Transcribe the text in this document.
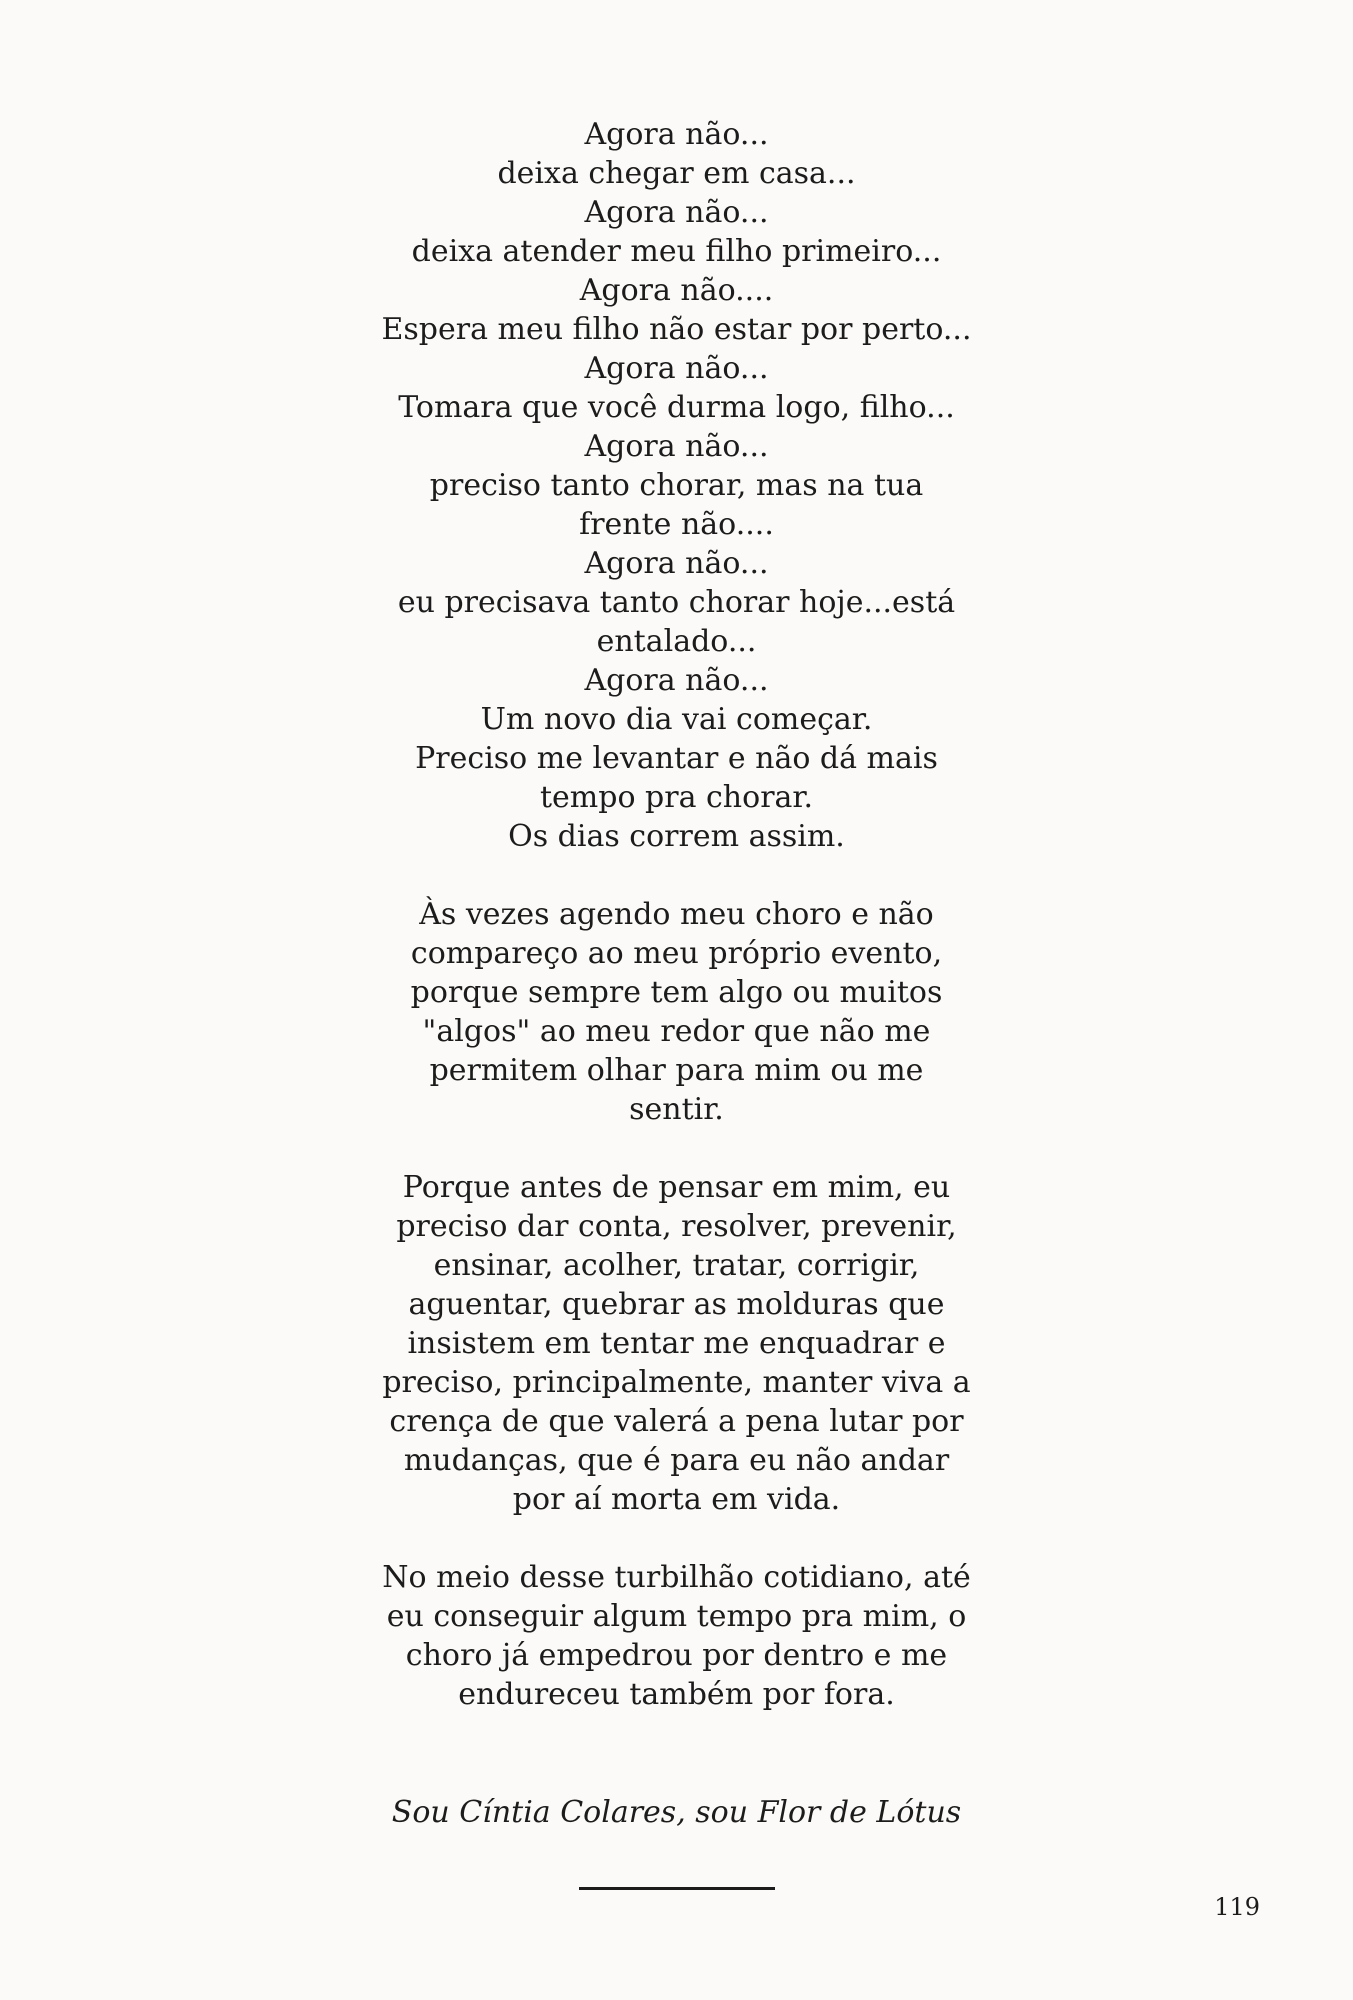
Agora não...
deixa chegar em casa...
Agora não...
deixa atender meu filho primeiro...
Agora não....
Espera meu filho não estar por perto...
Agora não...
Tomara que você durma logo, filho...
Agora não...
preciso tanto chorar, mas na tua
frente não....
Agora não...
eu precisava tanto chorar hoje...está
entalado...
Agora não...
Um novo dia vai começar.
Preciso me levantar e não dá mais
tempo pra chorar.
Os dias correm assim.
Às vezes agendo meu choro e não
compareço ao meu próprio evento,
porque sempre tem algo ou muitos
"algos" ao meu redor que não me
permitem olhar para mim ou me
sentir.
Porque antes de pensar em mim, eu
preciso dar conta, resolver, prevenir,
ensinar, acolher, tratar, corrigir,
aguentar, quebrar as molduras que
insistem em tentar me enquadrar e
preciso, principalmente, manter viva a
crença de que valerá a pena lutar por
mudanças, que é para eu não andar
por aí morta em vida.
No meio desse turbilhão cotidiano, até
eu conseguir algum tempo pra mim, o
choro já empedrou por dentro e me
endureceu também por fora.
Sou Cíntia Colares, sou Flor de Lótus
119
